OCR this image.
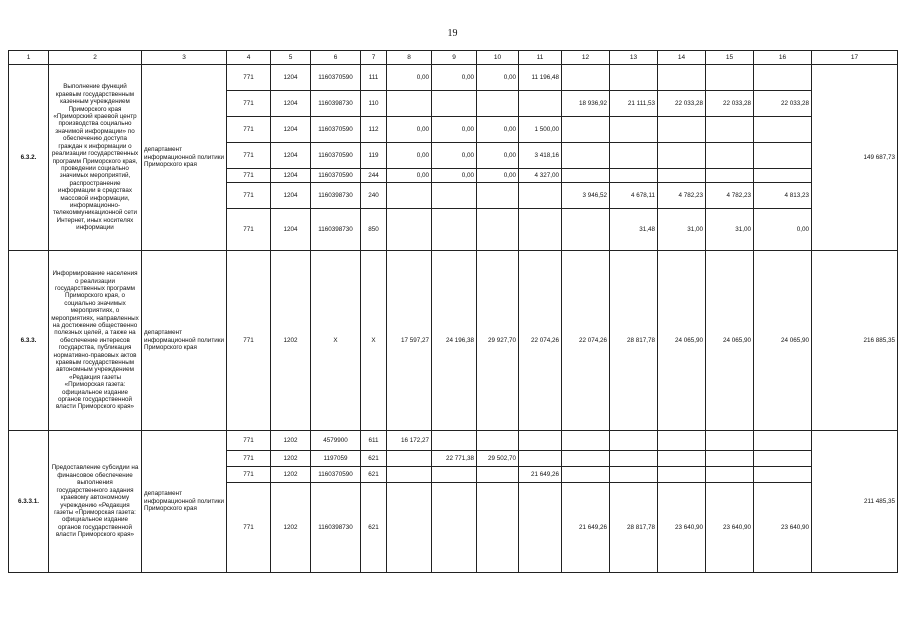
19
1	2	3	4	5	6	7	8	9	10	11	12	13	14	15	16	17
6.3.2.	Выполнение функций краевым государственным казенным учреждением Приморского края «Приморский краевой центр производства социально значимой информации» по обеспечению доступа граждан к информации о реализации государственных программ Приморского края, проведении социально значимых мероприятий, распространение информации в средствах массовой информации, информационно-телекоммуникационной сети Интернет, иных носителях информации	департамент информационной политики Приморского края	771	1204	1160370590	111	0,00	0,00	0,00	11 196,48						149 687,73
			771	1204	1160398730	110					18 936,92	21 111,53	22 033,28	22 033,28	22 033,28	
			771	1204	1160370590	112	0,00	0,00	0,00	1 500,00						
			771	1204	1160370590	119	0,00	0,00	0,00	3 418,16						
			771	1204	1160370590	244	0,00	0,00	0,00	4 327,00						
			771	1204	1160398730	240					3 946,52	4 678,11	4 782,23	4 782,23	4 813,23	
			771	1204	1160398730	850						31,48	31,00	31,00	0,00	
6.3.3.	Информирование населения о реализации государственных программ Приморского края, о социально значимых мероприятиях, о мероприятиях, направленных на достижение общественно полезных целей, а также на обеспечение интересов государства, публикация нормативно-правовых актов краевым государственным автономным учреждением «Редакция газеты «Приморская газета: официальное издание органов государственной власти Приморского края»	департамент информационной политики Приморского края	771	1202	X	X	17 597,27	24 196,38	29 927,70	22 074,26	22 074,26	28 817,78	24 065,90	24 065,90	24 065,90	216 885,35
6.3.3.1.	Предоставление субсидии на финансовое обеспечение выполнения государственного задания краевому автономному учреждению «Редакция газеты «Приморская газета: официальное издание органов государственной власти Приморского края»	департамент информационной политики Приморского края	771	1202	4579900	611	16 172,27									211 485,35
			771	1202	1197059	621		22 771,38	29 502,70							
			771	1202	1160370590	621				21 649,26						
			771	1202	1160398730	621					21 649,26	28 817,78	23 640,90	23 640,90	23 640,90	
